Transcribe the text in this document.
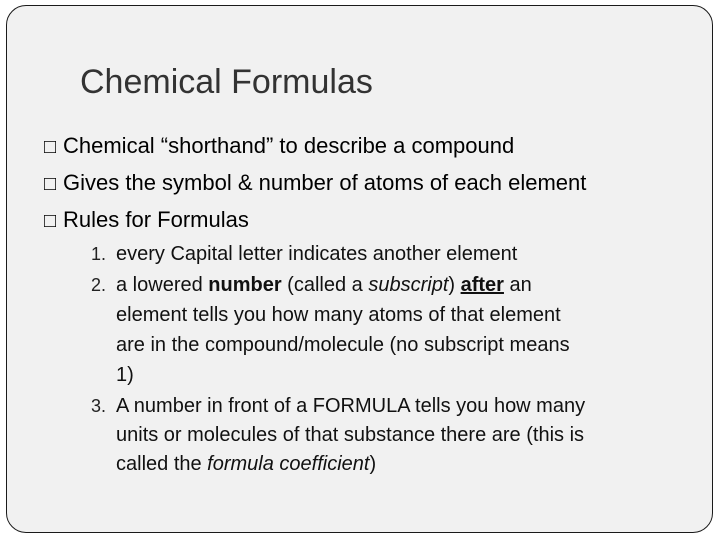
Chemical Formulas
□ Chemical “shorthand” to describe a compound
□ Gives the symbol & number of atoms of each element
□ Rules for Formulas
1. every Capital letter indicates another element
2. a lowered number (called a subscript) after an
element tells you how many atoms of that element
are in the compound/molecule (no subscript means
1)
3. A number in front of a FORMULA tells you how many
units or molecules of that substance there are (this is
called the formula coefficient)
